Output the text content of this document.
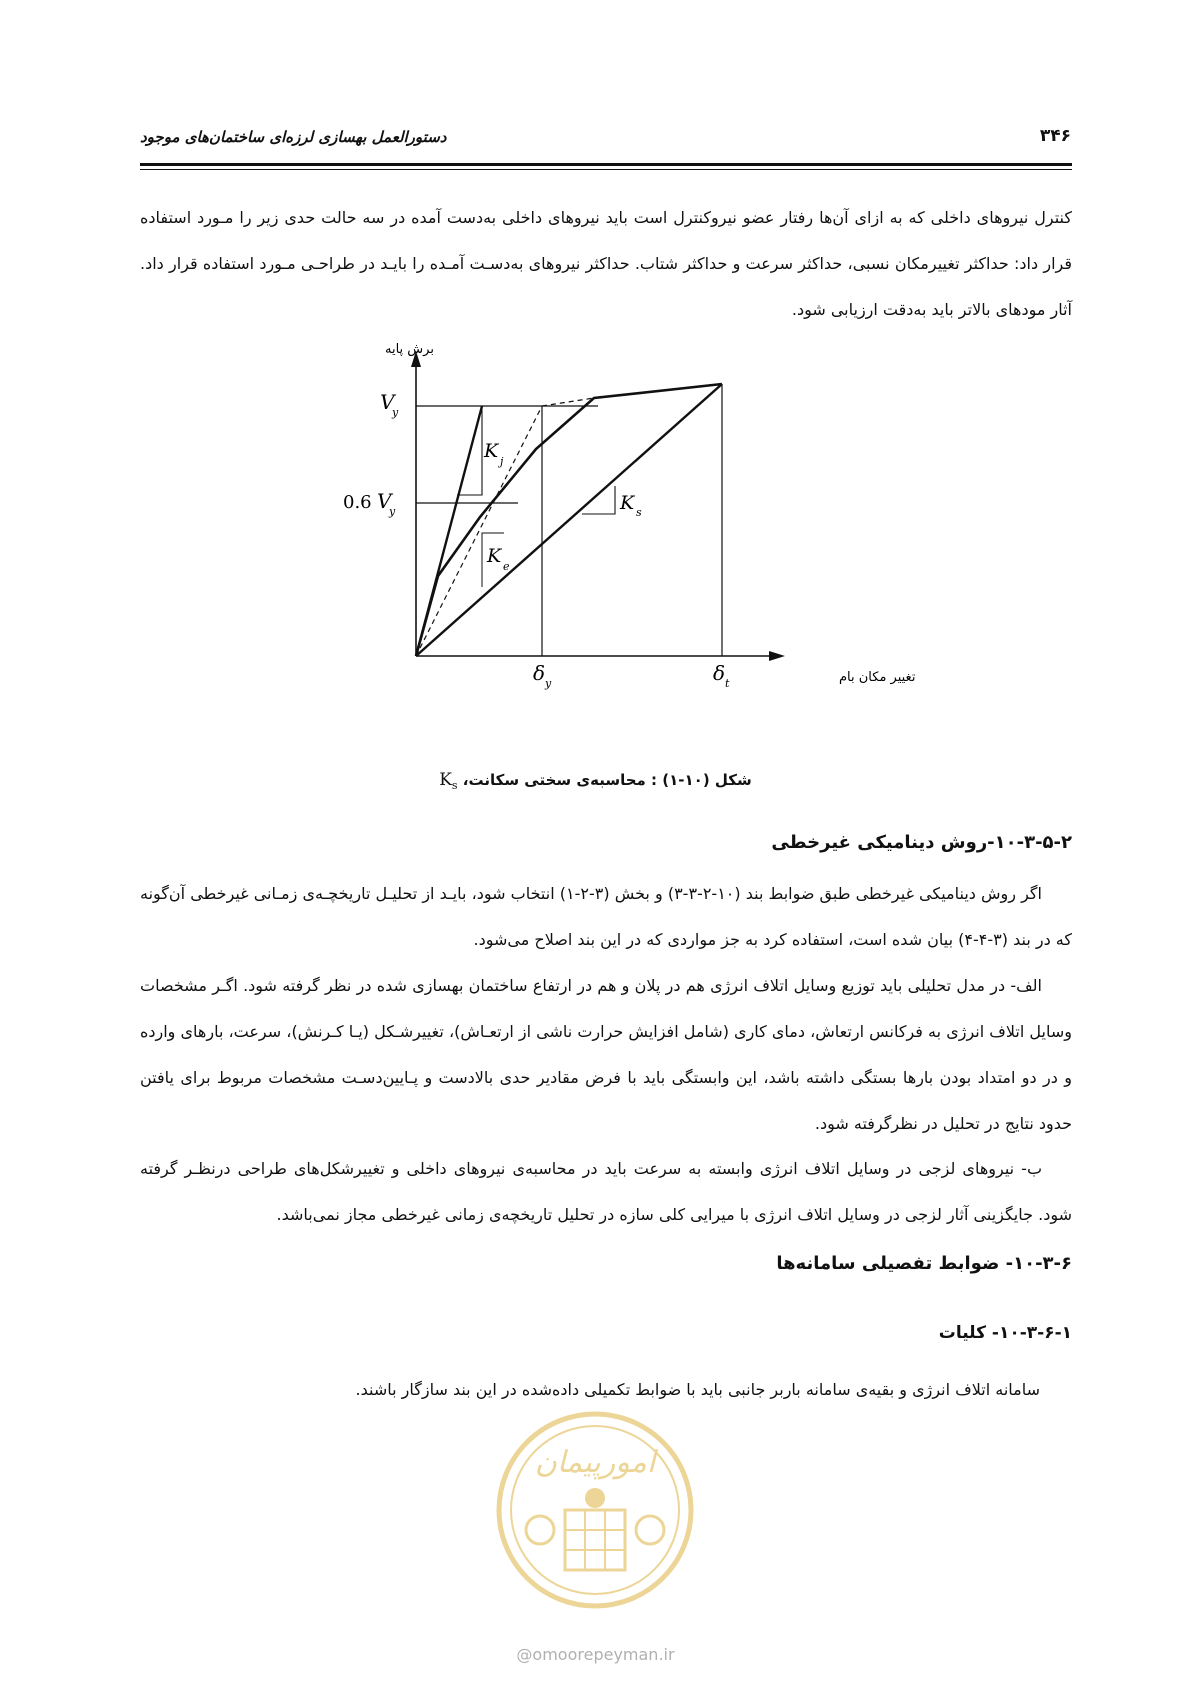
دستورالعمل بهسازی لرزه‌ای ساختمان‌های موجود	۳۴۶

کنترل نیروهای داخلی که به ازای آن‌ها رفتار عضو نیروکنترل است باید نیروهای داخلی به‌دست آمده در سه حالت حدی زیر را مـورد استفاده قرار داد: حداکثر تغییرمکان نسبی، حداکثر سرعت و حداکثر شتاب. حداکثر نیروهای به‌دسـت آمـده را بایـد در طراحـی مـورد استفاده قرار داد. آثار مودهای بالاتر باید به‌دقت ارزیابی شود.

برش پایه
V
y
0.6 V
y
K j
K e
K s
δ y	δ t	تغییر مکان بام
شکل (۱۰-۱) : محاسبه‌ی سختی سکانت، $K_s$
۱۰-۳-۵-۲-روش دینامیکی غیرخطی

اگر روش دینامیکی غیرخطی طبق ضوابط بند (۱۰-۲-۳-۳) و بخش (۳-۲-۱) انتخاب شود، بایـد از تحلیـل تاریخچـه‌ی زمـانی غیرخطی آن‌گونه که در بند (۳-۴-۴) بیان شده است، استفاده کرد به جز مواردی که در این بند اصلاح می‌شود.

الف- در مدل تحلیلی باید توزیع وسایل اتلاف انرژی هم در پلان و هم در ارتفاع ساختمان بهسازی شده در نظر گرفته شود. اگـر مشخصات وسایل اتلاف انرژی به فرکانس ارتعاش، دمای کاری (شامل افزایش حرارت ناشی از ارتعـاش)، تغییرشـکل (یـا کـرنش)، سرعت، بارهای وارده و در دو امتداد بودن بارها بستگی داشته باشد، این وابستگی باید با فرض مقادیر حدی بالادست و پـایین‌دسـت مشخصات مربوط برای یافتن حدود نتایج در تحلیل در نظرگرفته شود.

ب- نیروهای لزجی در وسایل اتلاف انرژی وابسته به سرعت باید در محاسبه‌ی نیروهای داخلی و تغییرشکل‌های طراحی درنظـر گرفته شود. جایگزینی آثار لزجی در وسایل اتلاف انرژی با میرایی کلی سازه در تحلیل تاریخچه‌ی زمانی غیرخطی مجاز نمی‌باشد.

۱۰-۳-۶- ضوابط تفصیلی سامانه‌ها
۱۰-۳-۶-۱- کلیات

سامانه اتلاف انرژی و بقیه‌ی سامانه باربر جانبی باید با ضوابط تکمیلی داده‌شده در این بند سازگار باشند.

امورپیمان
@omoorepeyman.ir
